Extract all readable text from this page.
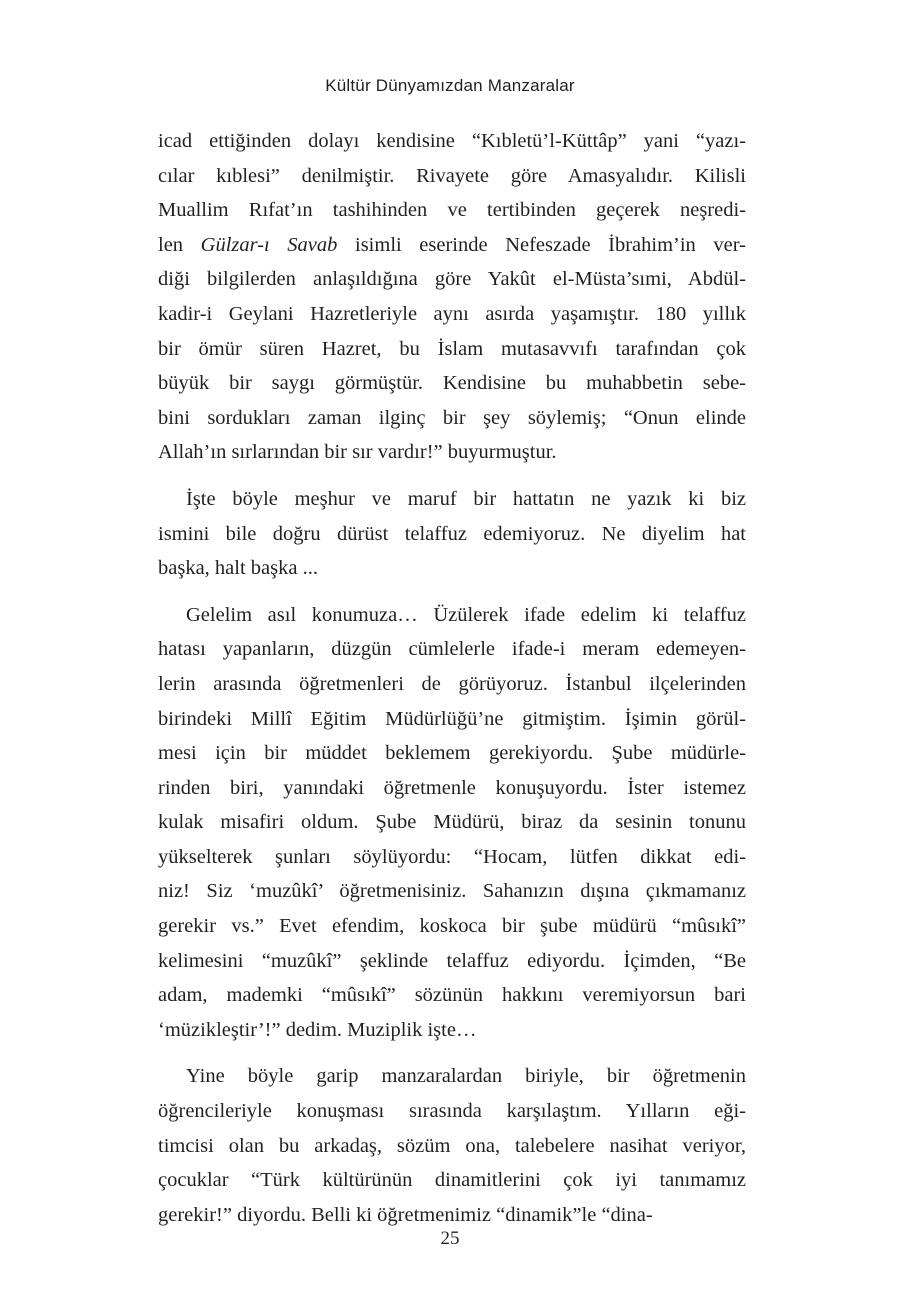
Kültür Dünyamızdan Manzaralar

icad ettiğinden dolayı kendisine “Kıbletü’l-Küttâp” yani “yazı-
cılar kıblesi” denilmiştir. Rivayete göre Amasyalıdır. Kilisli
Muallim Rıfat’ın tashihinden ve tertibinden geçerek neşredi-
len Gülzar-ı Savab isimli eserinde Nefeszade İbrahim’in ver-
diği bilgilerden anlaşıldığına göre Yakût el-Müsta’sımi, Abdül-
kadir-i Geylani Hazretleriyle aynı asırda yaşamıştır. 180 yıllık
bir ömür süren Hazret, bu İslam mutasavvıfı tarafından çok
büyük bir saygı görmüştür. Kendisine bu muhabbetin sebe-
bini sordukları zaman ilginç bir şey söylemiş; “Onun elinde
Allah’ın sırlarından bir sır vardır!” buyurmuştur.

İşte böyle meşhur ve maruf bir hattatın ne yazık ki biz
ismini bile doğru dürüst telaffuz edemiyoruz. Ne diyelim hat
başka, halt başka ...

Gelelim asıl konumuza… Üzülerek ifade edelim ki telaffuz
hatası yapanların, düzgün cümlelerle ifade-i meram edemeyen-
lerin arasında öğretmenleri de görüyoruz. İstanbul ilçelerinden
birindeki Millî Eğitim Müdürlüğü’ne gitmiştim. İşimin görül-
mesi için bir müddet beklemem gerekiyordu. Şube müdürle-
rinden biri, yanındaki öğretmenle konuşuyordu. İster istemez
kulak misafiri oldum. Şube Müdürü, biraz da sesinin tonunu
yükselterek şunları söylüyordu: “Hocam, lütfen dikkat edi-
niz! Siz ‘muzûkî’ öğretmenisiniz. Sahanızın dışına çıkmamanız
gerekir vs.” Evet efendim, koskoca bir şube müdürü “mûsıkî”
kelimesini “muzûkî” şeklinde telaffuz ediyordu. İçimden, “Be
adam, mademki “mûsıkî” sözünün hakkını veremiyorsun bari
‘müzikleştir’!” dedim. Muziplik işte…

Yine böyle garip manzaralardan biriyle, bir öğretmenin
öğrencileriyle konuşması sırasında karşılaştım. Yılların eği-
timcisi olan bu arkadaş, sözüm ona, talebelere nasihat veriyor,
çocuklar “Türk kültürünün dinamitlerini çok iyi tanımamız
gerekir!” diyordu. Belli ki öğretmenimiz “dinamik”le “dina-

25
